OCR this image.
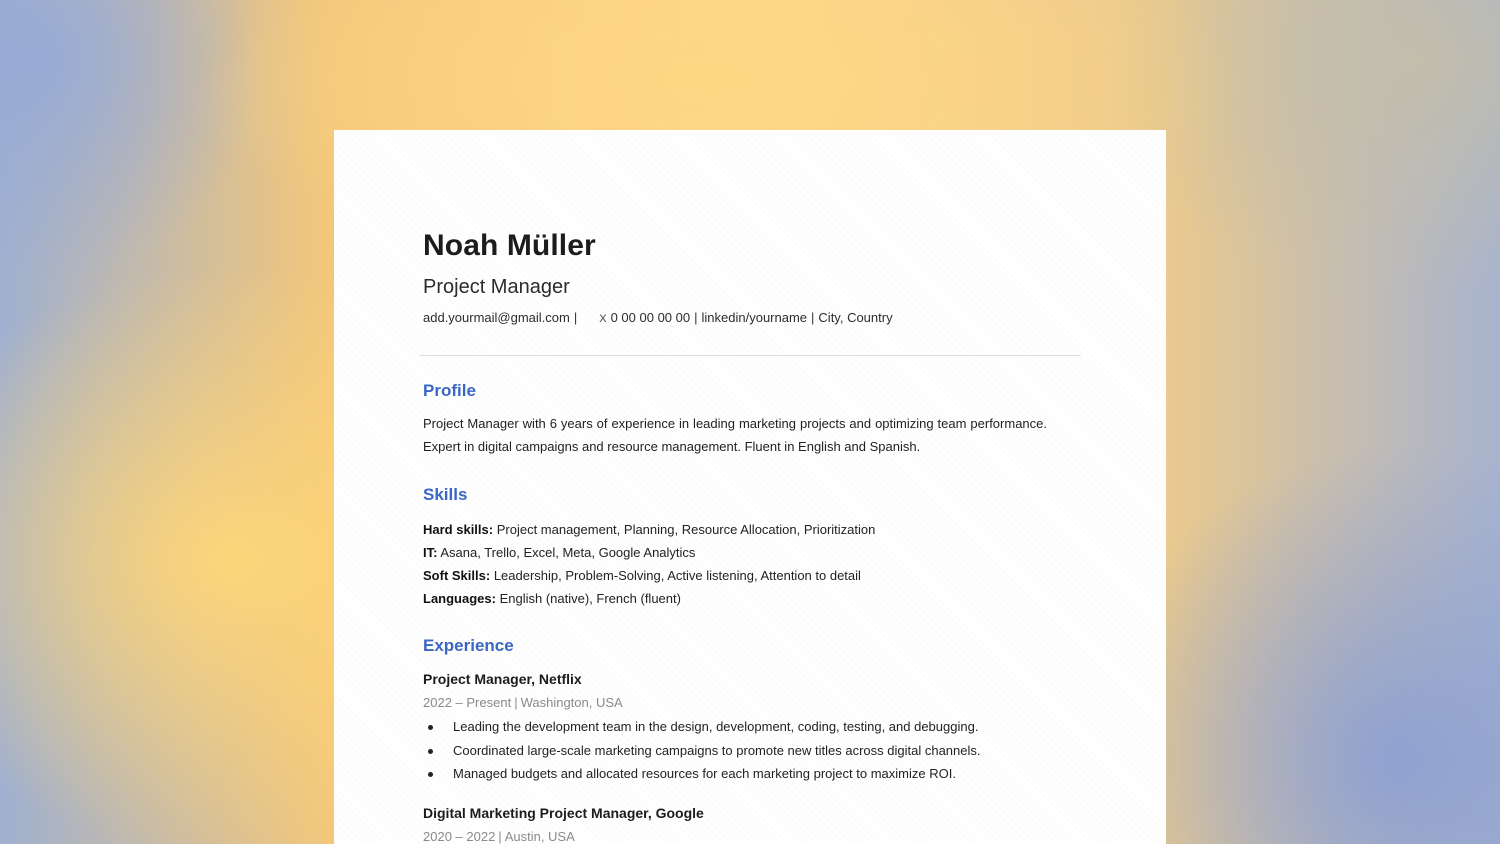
Noah Müller
Project Manager
add.yourmail@gmail.com | X 0 00 00 00 00 | linkedin/yourname | City, Country
Profile
Project Manager with 6 years of experience in leading marketing projects and optimizing team performance. Expert in digital campaigns and resource management. Fluent in English and Spanish.
Skills
Hard skills: Project management, Planning, Resource Allocation, Prioritization
IT: Asana, Trello, Excel, Meta, Google Analytics
Soft Skills: Leadership, Problem-Solving, Active listening, Attention to detail
Languages: English (native), French (fluent)
Experience
Project Manager, Netflix
2022 – Present | Washington, USA
Leading the development team in the design, development, coding, testing, and debugging.
Coordinated large-scale marketing campaigns to promote new titles across digital channels.
Managed budgets and allocated resources for each marketing project to maximize ROI.
Digital Marketing Project Manager, Google
2020 – 2022 | Austin, USA
